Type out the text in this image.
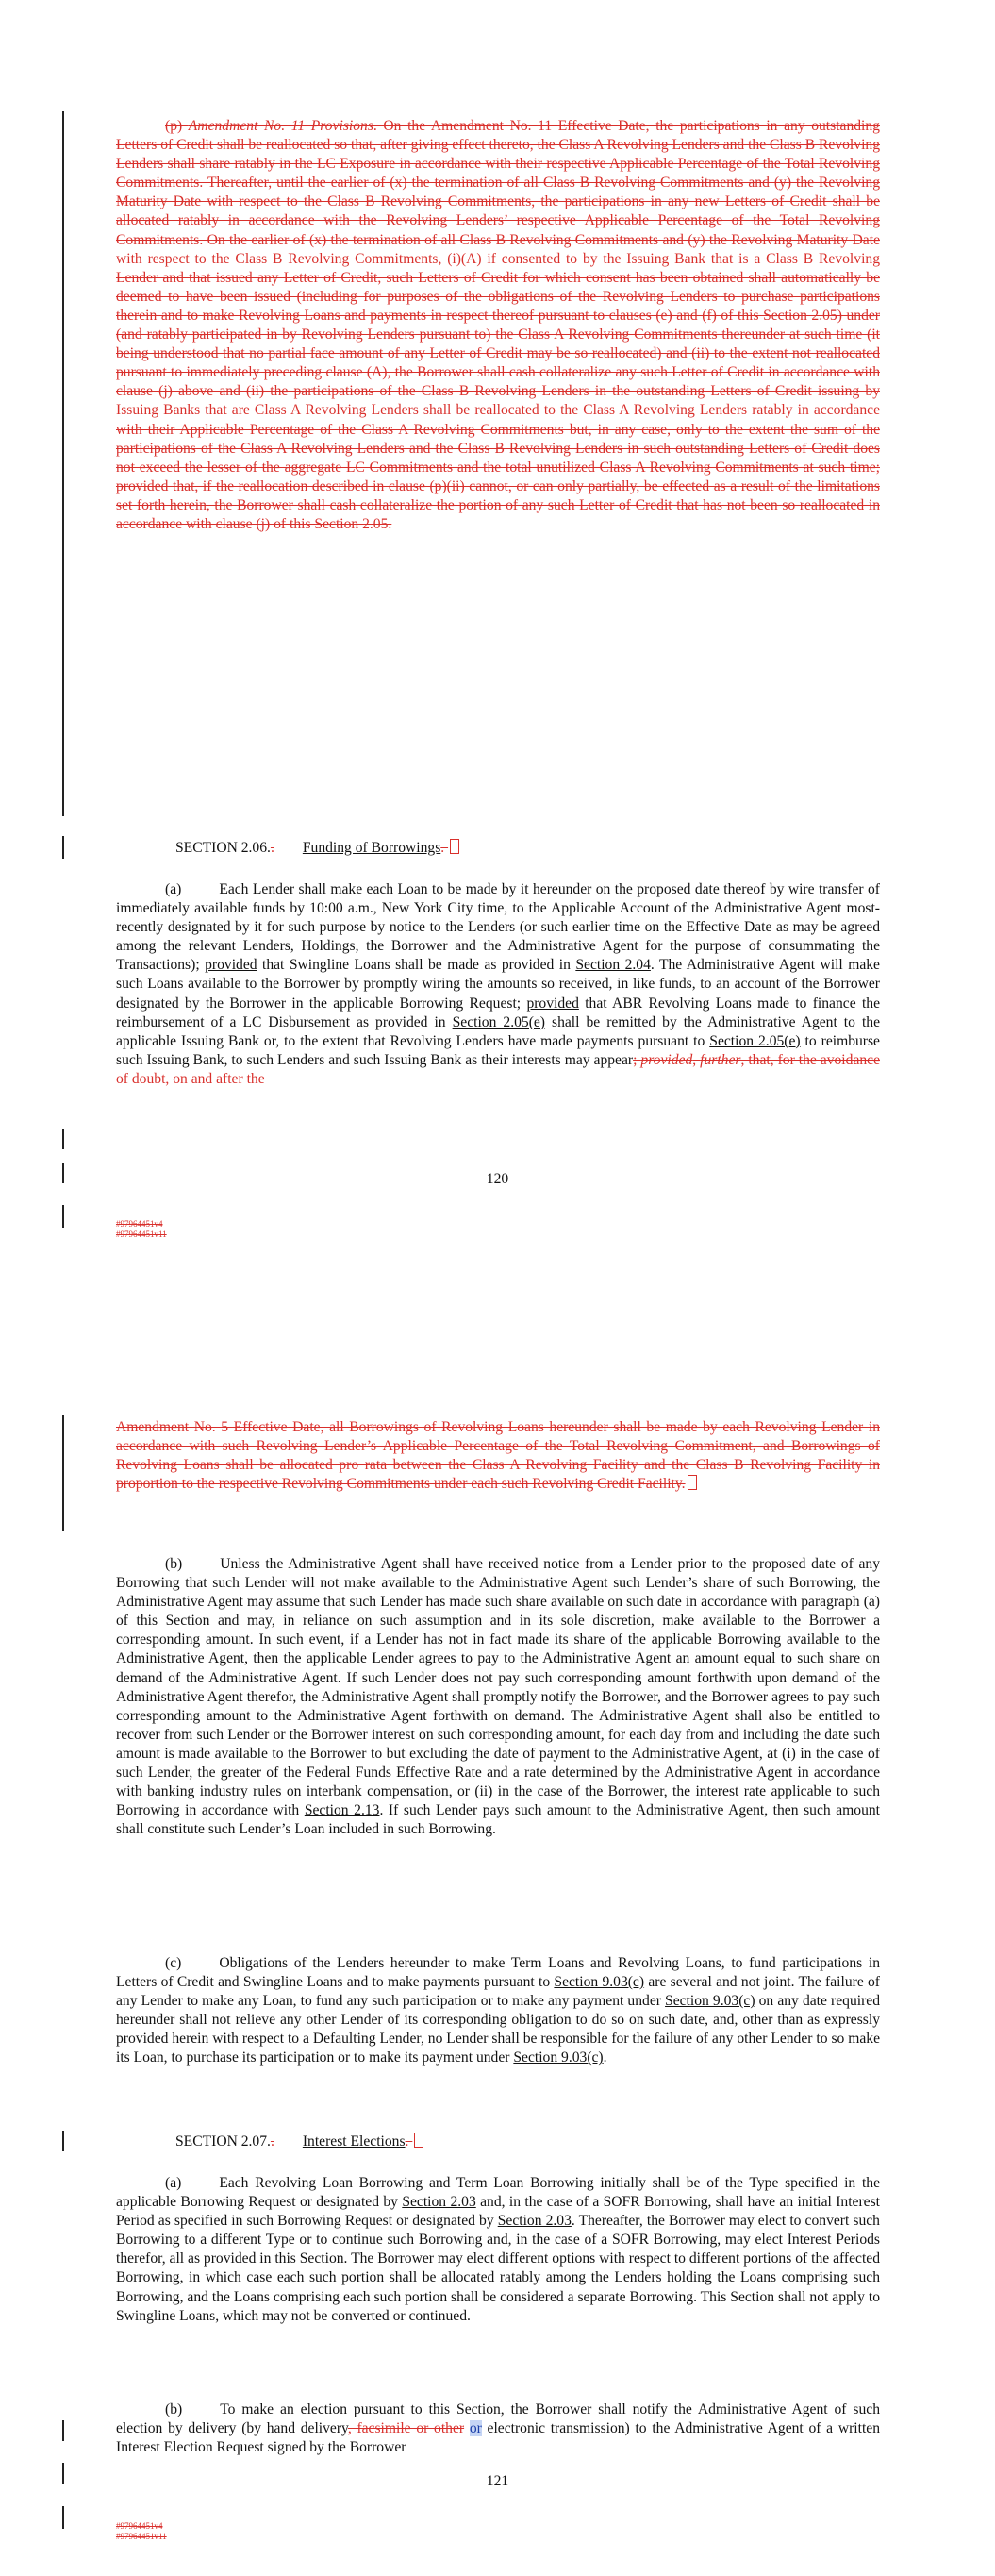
(p) Amendment No. 11 Provisions. On the Amendment No. 11 Effective Date, the participations in any outstanding Letters of Credit shall be reallocated so that, after giving effect thereto, the Class A Revolving Lenders and the Class B Revolving Lenders shall share ratably in the LC Exposure in accordance with their respective Applicable Percentage of the Total Revolving Commitments. Thereafter, until the earlier of (x) the termination of all Class B Revolving Commitments and (y) the Revolving Maturity Date with respect to the Class B Revolving Commitments, the participations in any new Letters of Credit shall be allocated ratably in accordance with the Revolving Lenders’ respective Applicable Percentage of the Total Revolving Commitments. On the earlier of (x) the termination of all Class B Revolving Commitments and (y) the Revolving Maturity Date with respect to the Class B Revolving Commitments, (i)(A) if consented to by the Issuing Bank that is a Class B Revolving Lender and that issued any Letter of Credit, such Letters of Credit for which consent has been obtained shall automatically be deemed to have been issued (including for purposes of the obligations of the Revolving Lenders to purchase participations therein and to make Revolving Loans and payments in respect thereof pursuant to clauses (e) and (f) of this Section 2.05) under (and ratably participated in by Revolving Lenders pursuant to) the Class A Revolving Commitments thereunder at such time (it being understood that no partial face amount of any Letter of Credit may be so reallocated) and (ii) to the extent not reallocated pursuant to immediately preceding clause (A), the Borrower shall cash collateralize any such Letter of Credit in accordance with clause (j) above and (ii) the participations of the Class B Revolving Lenders in the outstanding Letters of Credit issuing by Issuing Banks that are Class A Revolving Lenders shall be reallocated to the Class A Revolving Lenders ratably in accordance with their Applicable Percentage of the Class A Revolving Commitments but, in any case, only to the extent the sum of the participations of the Class A Revolving Lenders and the Class B Revolving Lenders in such outstanding Letters of Credit does not exceed the lesser of the aggregate LC Commitments and the total unutilized Class A Revolving Commitments at such time; provided that, if the reallocation described in clause (p)(ii) cannot, or can only partially, be effected as a result of the limitations set forth herein, the Borrower shall cash collateralize the portion of any such Letter of Credit that has not been so reallocated in accordance with clause (j) of this Section 2.05.
SECTION 2.06.. Funding of Borrowings.
(a)	Each Lender shall make each Loan to be made by it hereunder on the proposed date thereof by wire transfer of immediately available funds by 10:00 a.m., New York City time, to the Applicable Account of the Administrative Agent most-recently designated by it for such purpose by notice to the Lenders (or such earlier time on the Effective Date as may be agreed among the relevant Lenders, Holdings, the Borrower and the Administrative Agent for the purpose of consummating the Transactions); provided that Swingline Loans shall be made as provided in Section 2.04. The Administrative Agent will make such Loans available to the Borrower by promptly wiring the amounts so received, in like funds, to an account of the Borrower designated by the Borrower in the applicable Borrowing Request; provided that ABR Revolving Loans made to finance the reimbursement of a LC Disbursement as provided in Section 2.05(e) shall be remitted by the Administrative Agent to the applicable Issuing Bank or, to the extent that Revolving Lenders have made payments pursuant to Section 2.05(e) to reimburse such Issuing Bank, to such Lenders and such Issuing Bank as their interests may appear; provided, further, that, for the avoidance of doubt, on and after the
120
#97964451v4
#97964451v11
Amendment No. 5 Effective Date, all Borrowings of Revolving Loans hereunder shall be made by each Revolving Lender in accordance with such Revolving Lender’s Applicable Percentage of the Total Revolving Commitment, and Borrowings of Revolving Loans shall be allocated pro rata between the Class A Revolving Facility and the Class B Revolving Facility in proportion to the respective Revolving Commitments under each such Revolving Credit Facility.
(b)	Unless the Administrative Agent shall have received notice from a Lender prior to the proposed date of any Borrowing that such Lender will not make available to the Administrative Agent such Lender’s share of such Borrowing, the Administrative Agent may assume that such Lender has made such share available on such date in accordance with paragraph (a) of this Section and may, in reliance on such assumption and in its sole discretion, make available to the Borrower a corresponding amount. In such event, if a Lender has not in fact made its share of the applicable Borrowing available to the Administrative Agent, then the applicable Lender agrees to pay to the Administrative Agent an amount equal to such share on demand of the Administrative Agent. If such Lender does not pay such corresponding amount forthwith upon demand of the Administrative Agent therefor, the Administrative Agent shall promptly notify the Borrower, and the Borrower agrees to pay such corresponding amount to the Administrative Agent forthwith on demand. The Administrative Agent shall also be entitled to recover from such Lender or the Borrower interest on such corresponding amount, for each day from and including the date such amount is made available to the Borrower to but excluding the date of payment to the Administrative Agent, at (i) in the case of such Lender, the greater of the Federal Funds Effective Rate and a rate determined by the Administrative Agent in accordance with banking industry rules on interbank compensation, or (ii) in the case of the Borrower, the interest rate applicable to such Borrowing in accordance with Section 2.13. If such Lender pays such amount to the Administrative Agent, then such amount shall constitute such Lender’s Loan included in such Borrowing.
(c)	Obligations of the Lenders hereunder to make Term Loans and Revolving Loans, to fund participations in Letters of Credit and Swingline Loans and to make payments pursuant to Section 9.03(c) are several and not joint. The failure of any Lender to make any Loan, to fund any such participation or to make any payment under Section 9.03(c) on any date required hereunder shall not relieve any other Lender of its corresponding obligation to do so on such date, and, other than as expressly provided herein with respect to a Defaulting Lender, no Lender shall be responsible for the failure of any other Lender to so make its Loan, to purchase its participation or to make its payment under Section 9.03(c).
SECTION 2.07.. Interest Elections.
(a)	Each Revolving Loan Borrowing and Term Loan Borrowing initially shall be of the Type specified in the applicable Borrowing Request or designated by Section 2.03 and, in the case of a SOFR Borrowing, shall have an initial Interest Period as specified in such Borrowing Request or designated by Section 2.03. Thereafter, the Borrower may elect to convert such Borrowing to a different Type or to continue such Borrowing and, in the case of a SOFR Borrowing, may elect Interest Periods therefor, all as provided in this Section. The Borrower may elect different options with respect to different portions of the affected Borrowing, in which case each such portion shall be allocated ratably among the Lenders holding the Loans comprising such Borrowing, and the Loans comprising each such portion shall be considered a separate Borrowing. This Section shall not apply to Swingline Loans, which may not be converted or continued.
(b)	To make an election pursuant to this Section, the Borrower shall notify the Administrative Agent of such election by delivery (by hand delivery, facsimile or other or electronic transmission) to the Administrative Agent of a written Interest Election Request signed by the Borrower
121
#97964451v4
#97964451v11
